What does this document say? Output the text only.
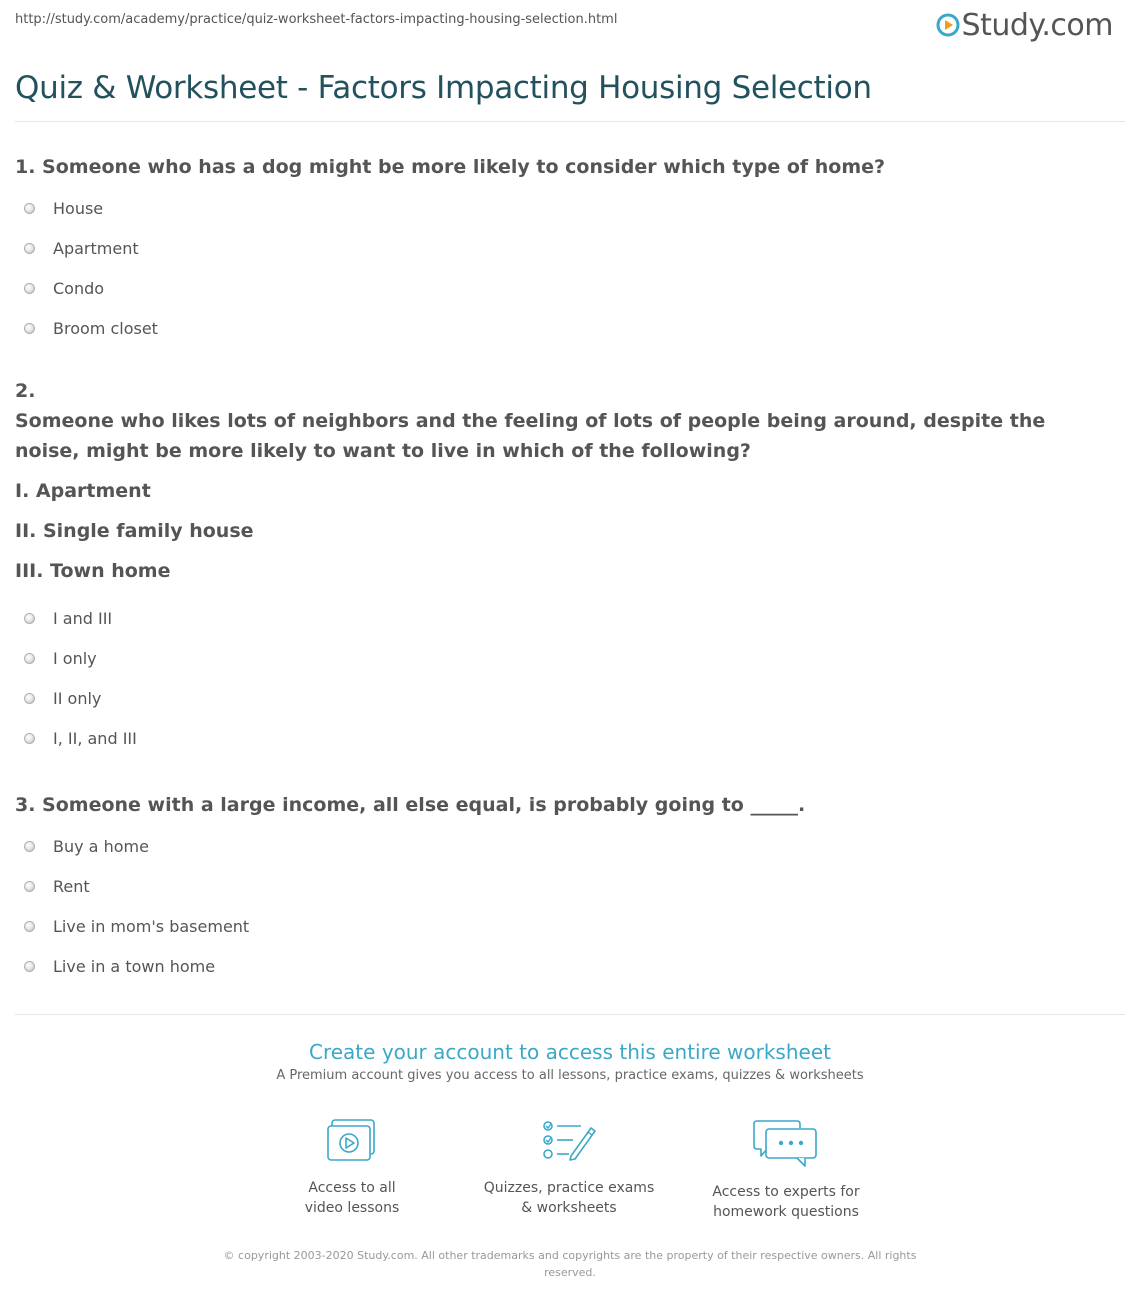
http://study.com/academy/practice/quiz-worksheet-factors-impacting-housing-selection.html	Study.com
Quiz & Worksheet - Factors Impacting Housing Selection
1. Someone who has a dog might be more likely to consider which type of home?
House
Apartment
Condo
Broom closet
2.
Someone who likes lots of neighbors and the feeling of lots of people being around, despite the noise, might be more likely to want to live in which of the following?
I. Apartment
II. Single family house
III. Town home
I and III
I only
II only
I, II, and III
3. Someone with a large income, all else equal, is probably going to _____.
Buy a home
Rent
Live in mom's basement
Live in a town home
Create your account to access this entire worksheet
A Premium account gives you access to all lessons, practice exams, quizzes & worksheets
Access to all
video lessons
Quizzes, practice exams
& worksheets
Access to experts for
homework questions
© copyright 2003-2020 Study.com. All other trademarks and copyrights are the property of their respective owners. All rights reserved.
